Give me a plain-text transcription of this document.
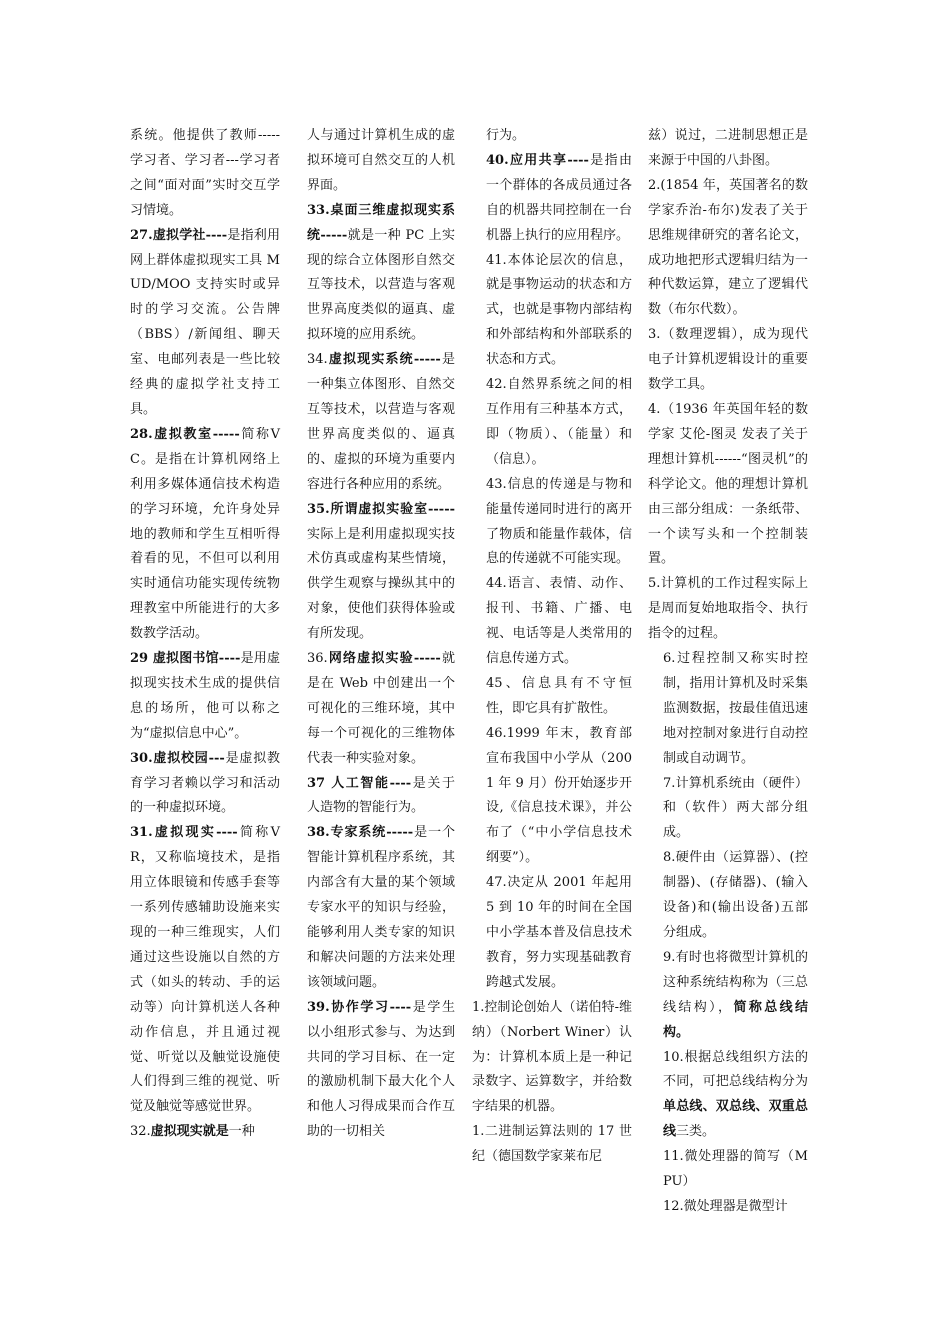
系统。他提供了教师-----学习者、学习者---学习者之间“面对面”实时交互学习情境。
27.虚拟学社----是指利用网上群体虚拟现实工具 MUD/MOO 支持实时或异时的学习交流。公告牌（BBS）/新闻组、聊天室、电邮列表是一些比较经典的虚拟学社支持工具。
28.虚拟教室-----简称VC。是指在计算机网络上利用多媒体通信技术构造的学习环境，允许身处异地的教师和学生互相听得着看的见，不但可以利用实时通信功能实现传统物理教室中所能进行的大多数教学活动。
29 虚拟图书馆----是用虚拟现实技术生成的提供信息的场所，他可以称之为“虚拟信息中心”。
30.虚拟校园---是虚拟教育学习者赖以学习和活动的一种虚拟环境。
31.虚拟现实----简称VR，又称临境技术，是指用立体眼镜和传感手套等一系列传感辅助设施来实现的一种三维现实，人们通过这些设施以自然的方式（如头的转动、手的运动等）向计算机送人各种动作信息，并且通过视觉、听觉以及触觉设施使人们得到三维的视觉、听觉及触觉等感觉世界。
32.虚拟现实就是一种
人与通过计算机生成的虚拟环境可自然交互的人机界面。
33.桌面三维虚拟现实系统-----就是一种 PC 上实现的综合立体图形自然交互等技术，以营造与客观世界高度类似的逼真、虚拟环境的应用系统。
34.虚拟现实系统-----是一种集立体图形、自然交互等技术，以营造与客观世界高度类似的、逼真的、虚拟的环境为重要内容进行各种应用的系统。
35.所谓虚拟实验室-----实际上是利用虚拟现实技术仿真或虚构某些情境，供学生观察与操纵其中的对象，使他们获得体验或有所发现。
36.网络虚拟实验-----就是在 Web 中创建出一个可视化的三维环境，其中每一个可视化的三维物体代表一种实验对象。
37 人工智能----是关于人造物的智能行为。
38.专家系统-----是一个智能计算机程序系统，其内部含有大量的某个领域专家水平的知识与经验，能够利用人类专家的知识和解决问题的方法来处理该领域问题。
39.协作学习----是学生以小组形式参与、为达到共同的学习目标、在一定的激励机制下最大化个人和他人习得成果而合作互助的一切相关
行为。
40.应用共享----是指由一个群体的各成员通过各自的机器共同控制在一台机器上执行的应用程序。
41.本体论层次的信息，就是事物运动的状态和方式，也就是事物内部结构和外部结构和外部联系的状态和方式。
42.自然界系统之间的相互作用有三种基本方式，即（物质）、（能量）和（信息）。
43.信息的传递是与物和能量传递同时进行的离开了物质和能量作载体，信息的传递就不可能实现。
44.语言、表情、动作、报刊、书籍、广播、电视、电话等是人类常用的信息传递方式。
45、信息具有不守恒性，即它具有扩散性。
46.1999 年末，教育部宣布我国中小学从（2001 年 9 月）份开始逐步开设,《信息技术课》，并公布了（“中小学信息技术纲要”）。
47.决定从 2001 年起用 5 到 10 年的时间在全国中小学基本普及信息技术教育，努力实现基础教育跨越式发展。
1.控制论创始人（诺伯特-维纳）（Norbert Winer）认为：计算机本质上是一种记录数字、运算数字，并给数字结果的机器。
1.二进制运算法则的 17 世纪（德国数学家莱布尼
兹）说过，二进制思想正是来源于中国的八卦图。
2.(1854 年，英国著名的数学家乔治-布尔)发表了关于思维规律研究的著名论文，成功地把形式逻辑归结为一种代数运算，建立了逻辑代数（布尔代数）。
3.（数理逻辑），成为现代电子计算机逻辑设计的重要数学工具。
4.（1936 年英国年轻的数学家 艾伦-图灵 发表了关于理想计算机------“图灵机”的科学论文。他的理想计算机由三部分组成：一条纸带、一个读写头和一个控制装置。
5.计算机的工作过程实际上是周而复始地取指令、执行指令的过程。
6.过程控制又称实时控制，指用计算机及时采集监测数据，按最佳值迅速地对控制对象进行自动控制或自动调节。
7.计算机系统由（硬件）和（软件）两大部分组成。
8.硬件由（运算器）、(控制器)、(存储器)、(输入设备)和(输出设备)五部分组成。
9.有时也将微型计算机的这种系统结构称为（三总线结构），简称总线结构。
10.根据总线组织方法的不同，可把总线结构分为单总线、双总线、双重总线三类。
11.微处理器的简写（MPU）
12.微处理器是微型计
